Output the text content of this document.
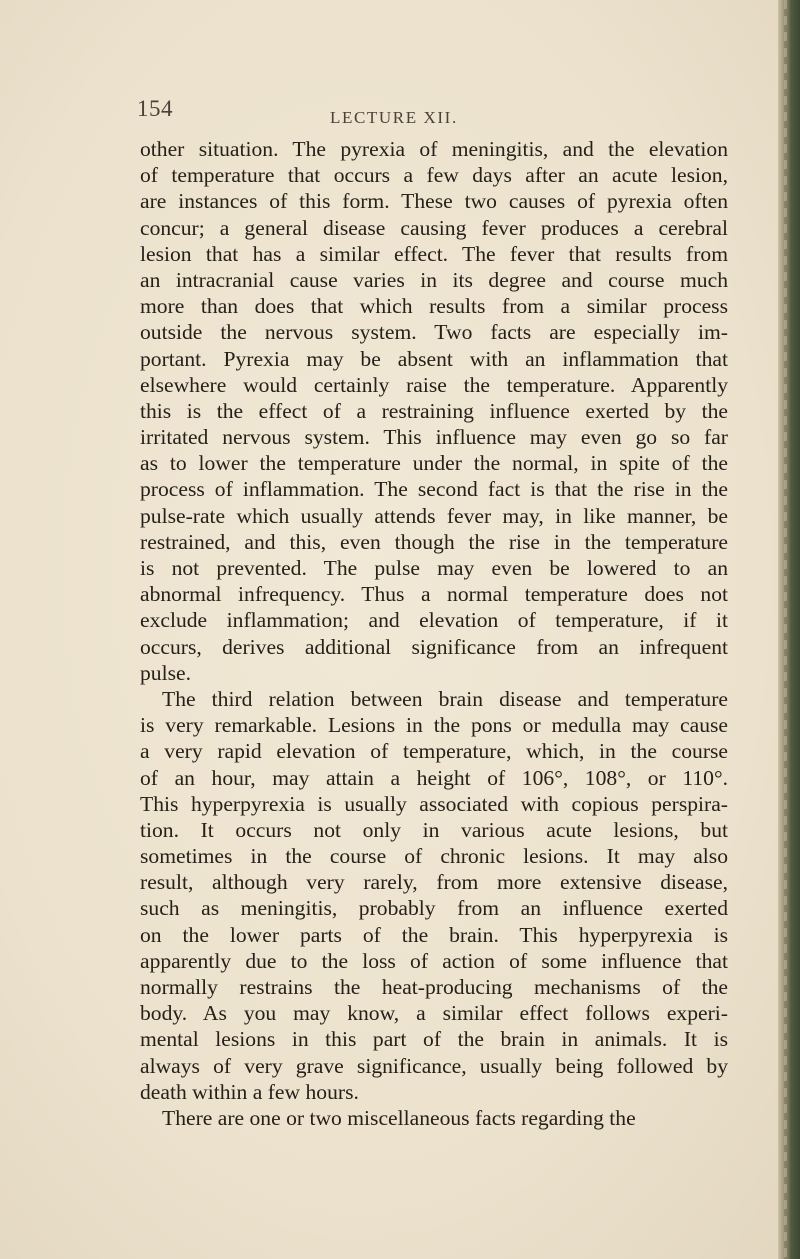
154	LECTURE XII.
other situation. The pyrexia of meningitis, and the elevation
of temperature that occurs a few days after an acute lesion,
are instances of this form. These two causes of pyrexia often
concur; a general disease causing fever produces a cerebral
lesion that has a similar effect. The fever that results from
an intracranial cause varies in its degree and course much
more than does that which results from a similar process
outside the nervous system. Two facts are especially im-
portant. Pyrexia may be absent with an inflammation that
elsewhere would certainly raise the temperature. Apparently
this is the effect of a restraining influence exerted by the
irritated nervous system. This influence may even go so far
as to lower the temperature under the normal, in spite of the
process of inflammation. The second fact is that the rise in the
pulse-rate which usually attends fever may, in like manner, be
restrained, and this, even though the rise in the temperature
is not prevented. The pulse may even be lowered to an
abnormal infrequency. Thus a normal temperature does not
exclude inflammation; and elevation of temperature, if it
occurs, derives additional significance from an infrequent
pulse.
The third relation between brain disease and temperature
is very remarkable. Lesions in the pons or medulla may cause
a very rapid elevation of temperature, which, in the course
of an hour, may attain a height of 106°, 108°, or 110°.
This hyperpyrexia is usually associated with copious perspira-
tion. It occurs not only in various acute lesions, but
sometimes in the course of chronic lesions. It may also
result, although very rarely, from more extensive disease,
such as meningitis, probably from an influence exerted
on the lower parts of the brain. This hyperpyrexia is
apparently due to the loss of action of some influence that
normally restrains the heat-producing mechanisms of the
body. As you may know, a similar effect follows experi-
mental lesions in this part of the brain in animals. It is
always of very grave significance, usually being followed by
death within a few hours.
There are one or two miscellaneous facts regarding the
